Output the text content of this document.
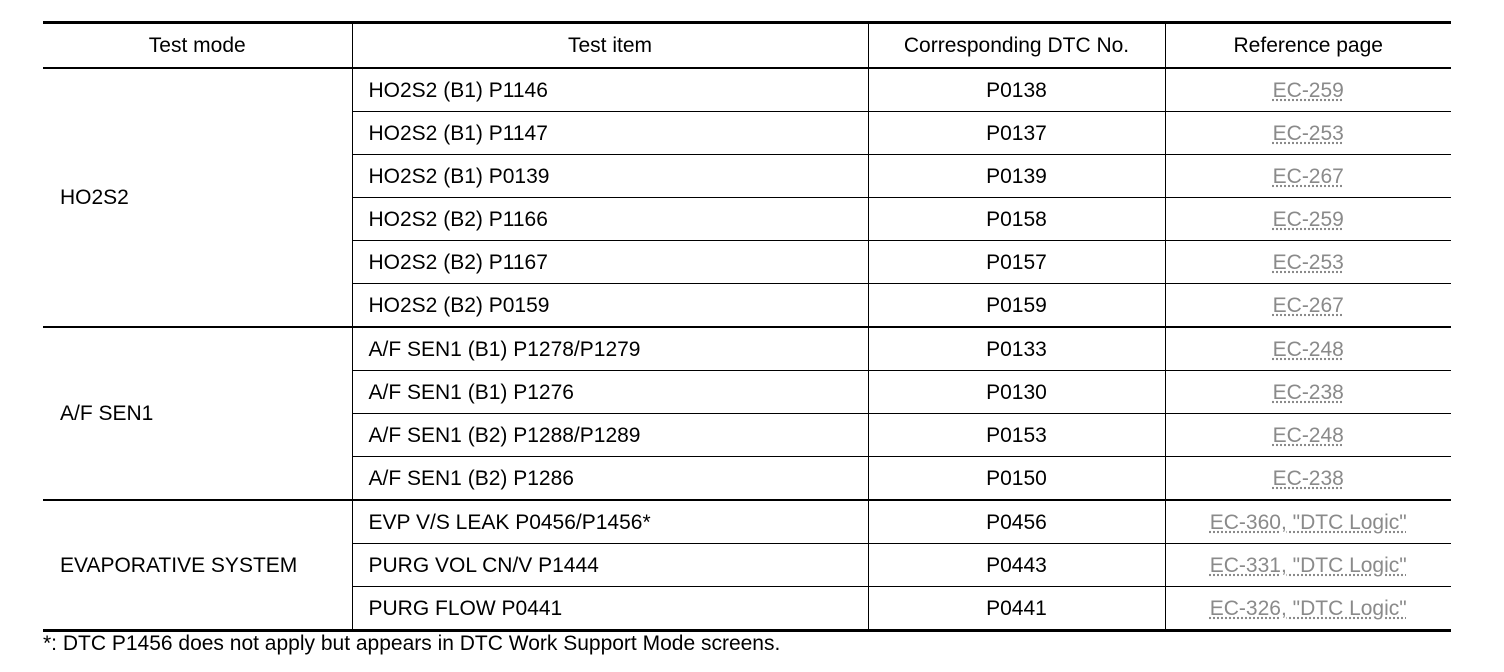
Test mode	Test item	Corresponding DTC No.	Reference page
HO2S2	HO2S2 (B1) P1146	P0138	EC-259
	HO2S2 (B1) P1147	P0137	EC-253
	HO2S2 (B1) P0139	P0139	EC-267
	HO2S2 (B2) P1166	P0158	EC-259
	HO2S2 (B2) P1167	P0157	EC-253
	HO2S2 (B2) P0159	P0159	EC-267
A/F SEN1	A/F SEN1 (B1) P1278/P1279	P0133	EC-248
	A/F SEN1 (B1) P1276	P0130	EC-238
	A/F SEN1 (B2) P1288/P1289	P0153	EC-248
	A/F SEN1 (B2) P1286	P0150	EC-238
EVAPORATIVE SYSTEM	EVP V/S LEAK P0456/P1456*	P0456	EC-360, "DTC Logic"
	PURG VOL CN/V P1444	P0443	EC-331, "DTC Logic"
	PURG FLOW P0441	P0441	EC-326, "DTC Logic"
*: DTC P1456 does not apply but appears in DTC Work Support Mode screens.
